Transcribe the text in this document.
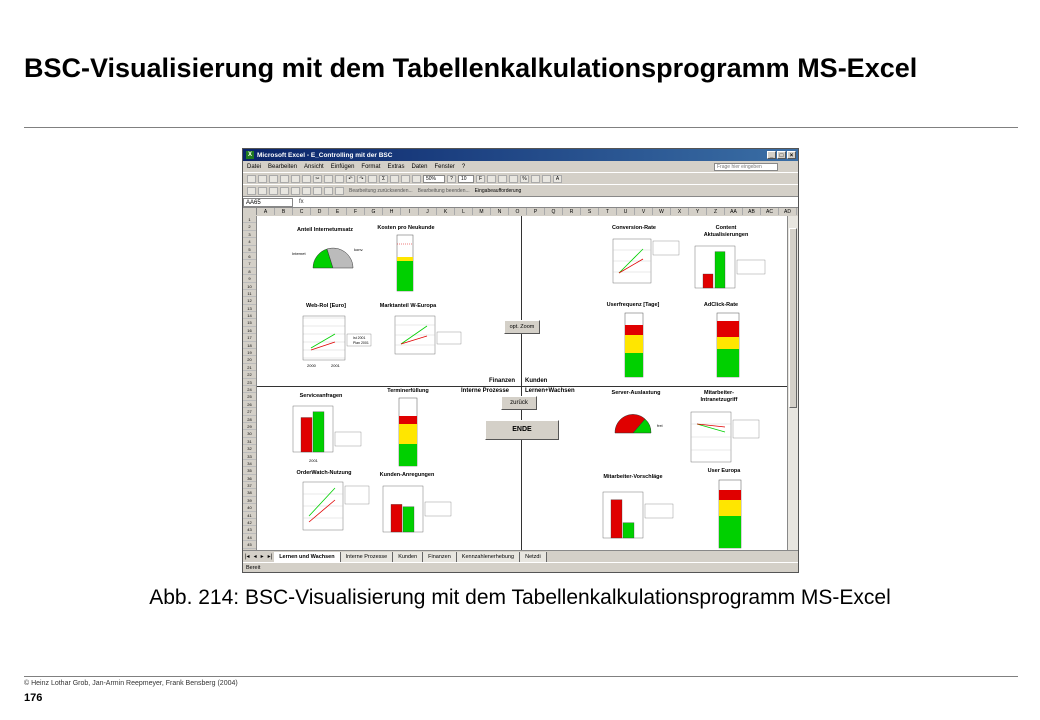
BSC-Visualisierung mit dem Tabellenkalkulationsprogramm MS-Excel
X Microsoft Excel - E_Controlling mit der BSC	_	□	×
Datei Bearbeiten Ansicht Einfügen Format Extras Daten Fenster ?	Frage hier eingeben
✂	↶	↷	Σ	50%	?	10	F	%	A
Bearbeitung zurücksenden... Bearbeitung beenden... Eingabeaufforderung
AA65	fx
A	B	C	D	E	F	G	H	I	J	K	L	M	N	O	P	Q	R	S	T	U	V	W	X	Y	Z	AA	AB	AC	AD
1
2
3
4
5
6
7
8
9
10
11
12
13
14
15
16
17
18
19
20
21
22
23
24
25
26
27
28
29
30
31
32
33
34
35
36
37
38
39
40
41
42
43
44
45
Anteil Internetumsatz
Internet
konv.
Kosten pro Neukunde
Web-RoI [Euro]
Ist 2001
Plan 2001
2000	2001
Marktanteil W-Europa
Conversion-Rate	Content Aktualisierungen
Userfrequenz [Tage]	AdClick-Rate
opt. Zoom
Finanzen Kunden
Interne Prozesse	Lernen+Wachsen
zurück
ENDE
Serviceanfragen
2001
Terminerfüllung
OrderWatch-Nutzung	Kunden-Anregungen
Server-Auslastung
frei
Mitarbeiter-Intranetzugriff
Mitarbeiter-Vorschläge
User Europa
|◂ ◂ ▸ ▸|	Lernen und Wachsen	Interne Prozesse	Kunden	Finanzen	Kennzahlenerhebung	Netzdi
Bereit
Abb. 214: BSC-Visualisierung mit dem Tabellenkalkulationsprogramm MS-Excel
© Heinz Lothar Grob, Jan-Armin Reepmeyer, Frank Bensberg (2004)
176
